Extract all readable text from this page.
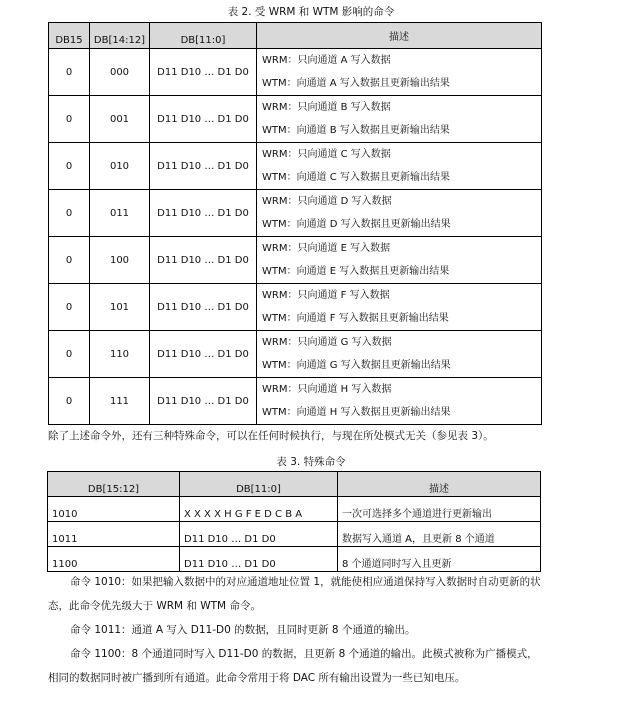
表 2. 受 WRM 和 WTM 影响的命令
DB15	DB[14:12]	DB[11:0]	描述
0	000	D11 D10 … D1 D0	WRM：只向通道 A 写入数据
WTM：向通道 A 写入数据且更新输出结果

0	001	D11 D10 … D1 D0	WRM：只向通道 B 写入数据
WTM：向通道 B 写入数据且更新输出结果

0	010	D11 D10 … D1 D0	WRM：只向通道 C 写入数据
WTM：向通道 C 写入数据且更新输出结果

0	011	D11 D10 … D1 D0	WRM：只向通道 D 写入数据
WTM：向通道 D 写入数据且更新输出结果

0	100	D11 D10 … D1 D0	WRM：只向通道 E 写入数据
WTM：向通道 E 写入数据且更新输出结果

0	101	D11 D10 … D1 D0	WRM：只向通道 F 写入数据
WTM：向通道 F 写入数据且更新输出结果

0	110	D11 D10 … D1 D0	WRM：只向通道 G 写入数据
WTM：向通道 G 写入数据且更新输出结果

0	111	D11 D10 … D1 D0	WRM：只向通道 H 写入数据
WTM：向通道 H 写入数据且更新输出结果
除了上述命令外，还有三种特殊命令，可以在任何时候执行，与现在所处模式无关（参见表 3）。
表 3. 特殊命令
DB[15:12]	DB[11:0]	描述
1010	X X X X H G F E D C B A	一次可选择多个通道进行更新输出
1011	D11 D10 … D1 D0	数据写入通道 A，且更新 8 个通道
1100	D11 D10 … D1 D0	8 个通道同时写入且更新
命令 1010：如果把输入数据中的对应通道地址位置 1，就能使相应通道保持写入数据时自动更新的状态，此命令优先级大于 WRM 和 WTM 命令。
命令 1011：通道 A 写入 D11-D0 的数据，且同时更新 8 个通道的输出。
命令 1100：8 个通道同时写入 D11-D0 的数据，且更新 8 个通道的输出。此模式被称为广播模式，相同的数据同时被广播到所有通道。此命令常用于将 DAC 所有输出设置为一些已知电压。
